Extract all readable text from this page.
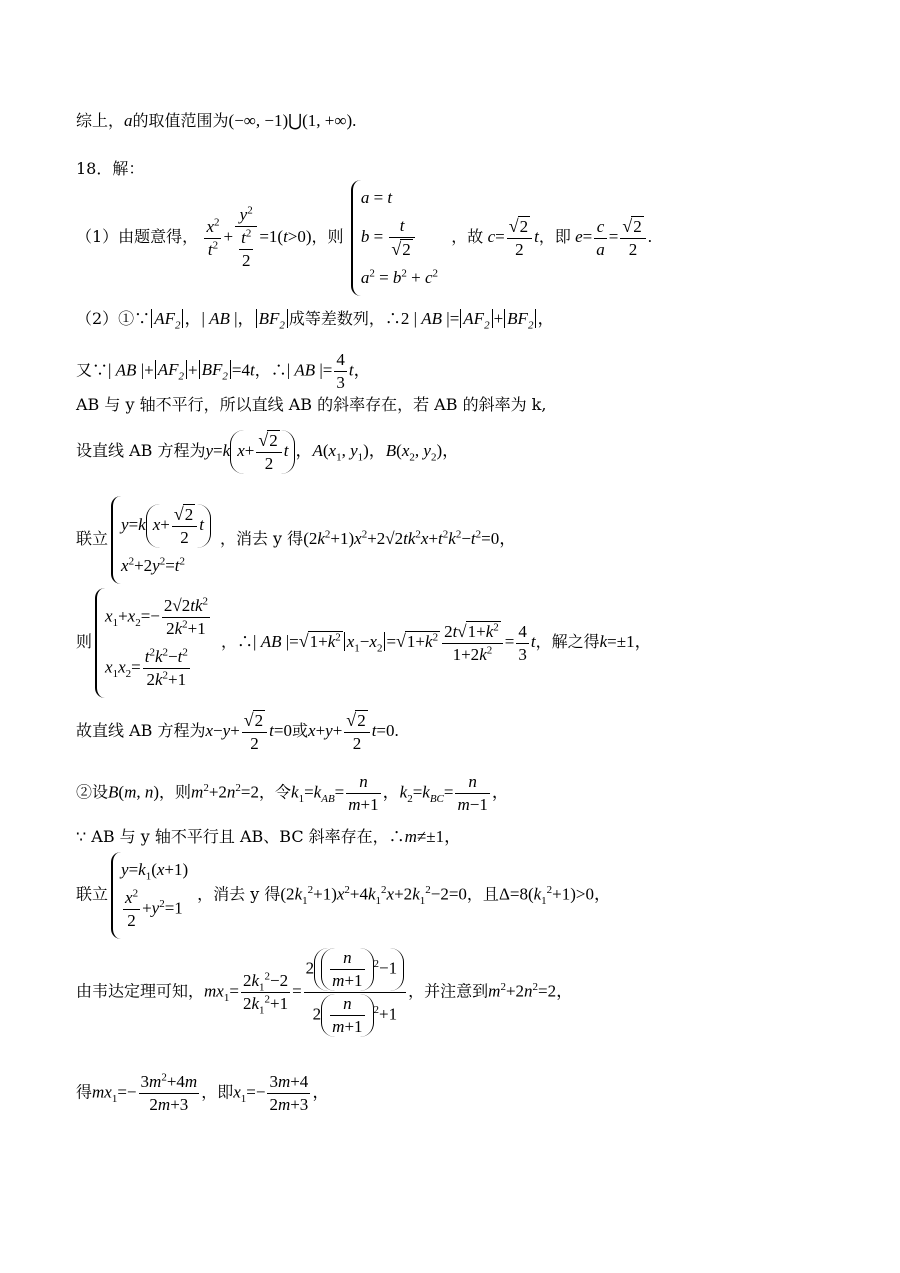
综上，a的取值范围为(−∞, −1)⋃(1, +∞).
18．解：
（1）由题意得， $\frac{x^2}{t^2} + \frac{y^2}{\frac{t^2}{2}} =1(t>0)$，则
a = t
$b = \frac{t}{√2}$
$a^2 = b^2 + c^2$
，故 $c= \frac{√2}{2}$ t，即 $e= \frac{c}{a} = \frac{√2}{2}$ .
（2）①∵ $AF_2$ ，| AB |， $BF_2$ 成等差数列，∴2 | AB |= $AF_2 + BF_2$ ，
又∵| AB |+ $AF_2 + BF_2 =4t$，∴| AB |= $\frac{4}{3}$ t，
AB 与 y 轴不平行，所以直线 AB 的斜率存在，若 AB 的斜率为 k,
设直线 AB 方程为y=k $x+ \frac{√2}{2}$ t ，$A(x_1$, $y_1$)，$B(x_2$, $y_2$)，
联立
y=k $x+ \frac{√2}{2}$ t
$x^2+2y^2=t^2$
，消去 y 得$(2k^2+1)x^2+2√2tk^2x+t^2k^2-t^2=0$，
则
$x_1+x_2=- \frac{2√2tk^2}{2k^2+1}$
$x_1x_2= \frac{t^2k^2-t^2}{2k^2+1}$
，∴| AB $|=√1+k^2$ $x_1-x_2 =√1+k^2 \frac{2t√1+k^2}{1+2k^2} = \frac{4}{3}$ t，解之得k=±1，
故直线 AB 方程为$x-y+ \frac{√2}{2} t=0$或$x+y+ \frac{√2}{2} t=0$.
②设B(m, n)，则$m^2+2n^2=2$，令$k_1=k_{AB}= \frac{n}{m+1}$ ，$k_2=k_{BC}= \frac{n}{m-1}$ ，
∵ AB 与 y 轴不平行且 AB、BC 斜率存在，∴m≠±1，
联立
$y=k_1(x+1)$
$\frac{x^2}{2} +y^2=1$
，消去 y 得$(2k_1^2+1)x^2+4k_1^2x+2k_1^2-2=0$，且$\Delta=8(k_1^2+1)>0$，
由韦达定理可知，$mx_1= \frac{2k_1^2-2}{2k_1^2+1} = \frac{2 \frac{n}{m+1} ^2-1}{2 \frac{n}{m+1} ^2+1}$ ，并注意到$m^2+2n^2=2$，
得$mx_1=- \frac{3m^2+4m}{2m+3}$ ，即$x_1=- \frac{3m+4}{2m+3}$ ，
